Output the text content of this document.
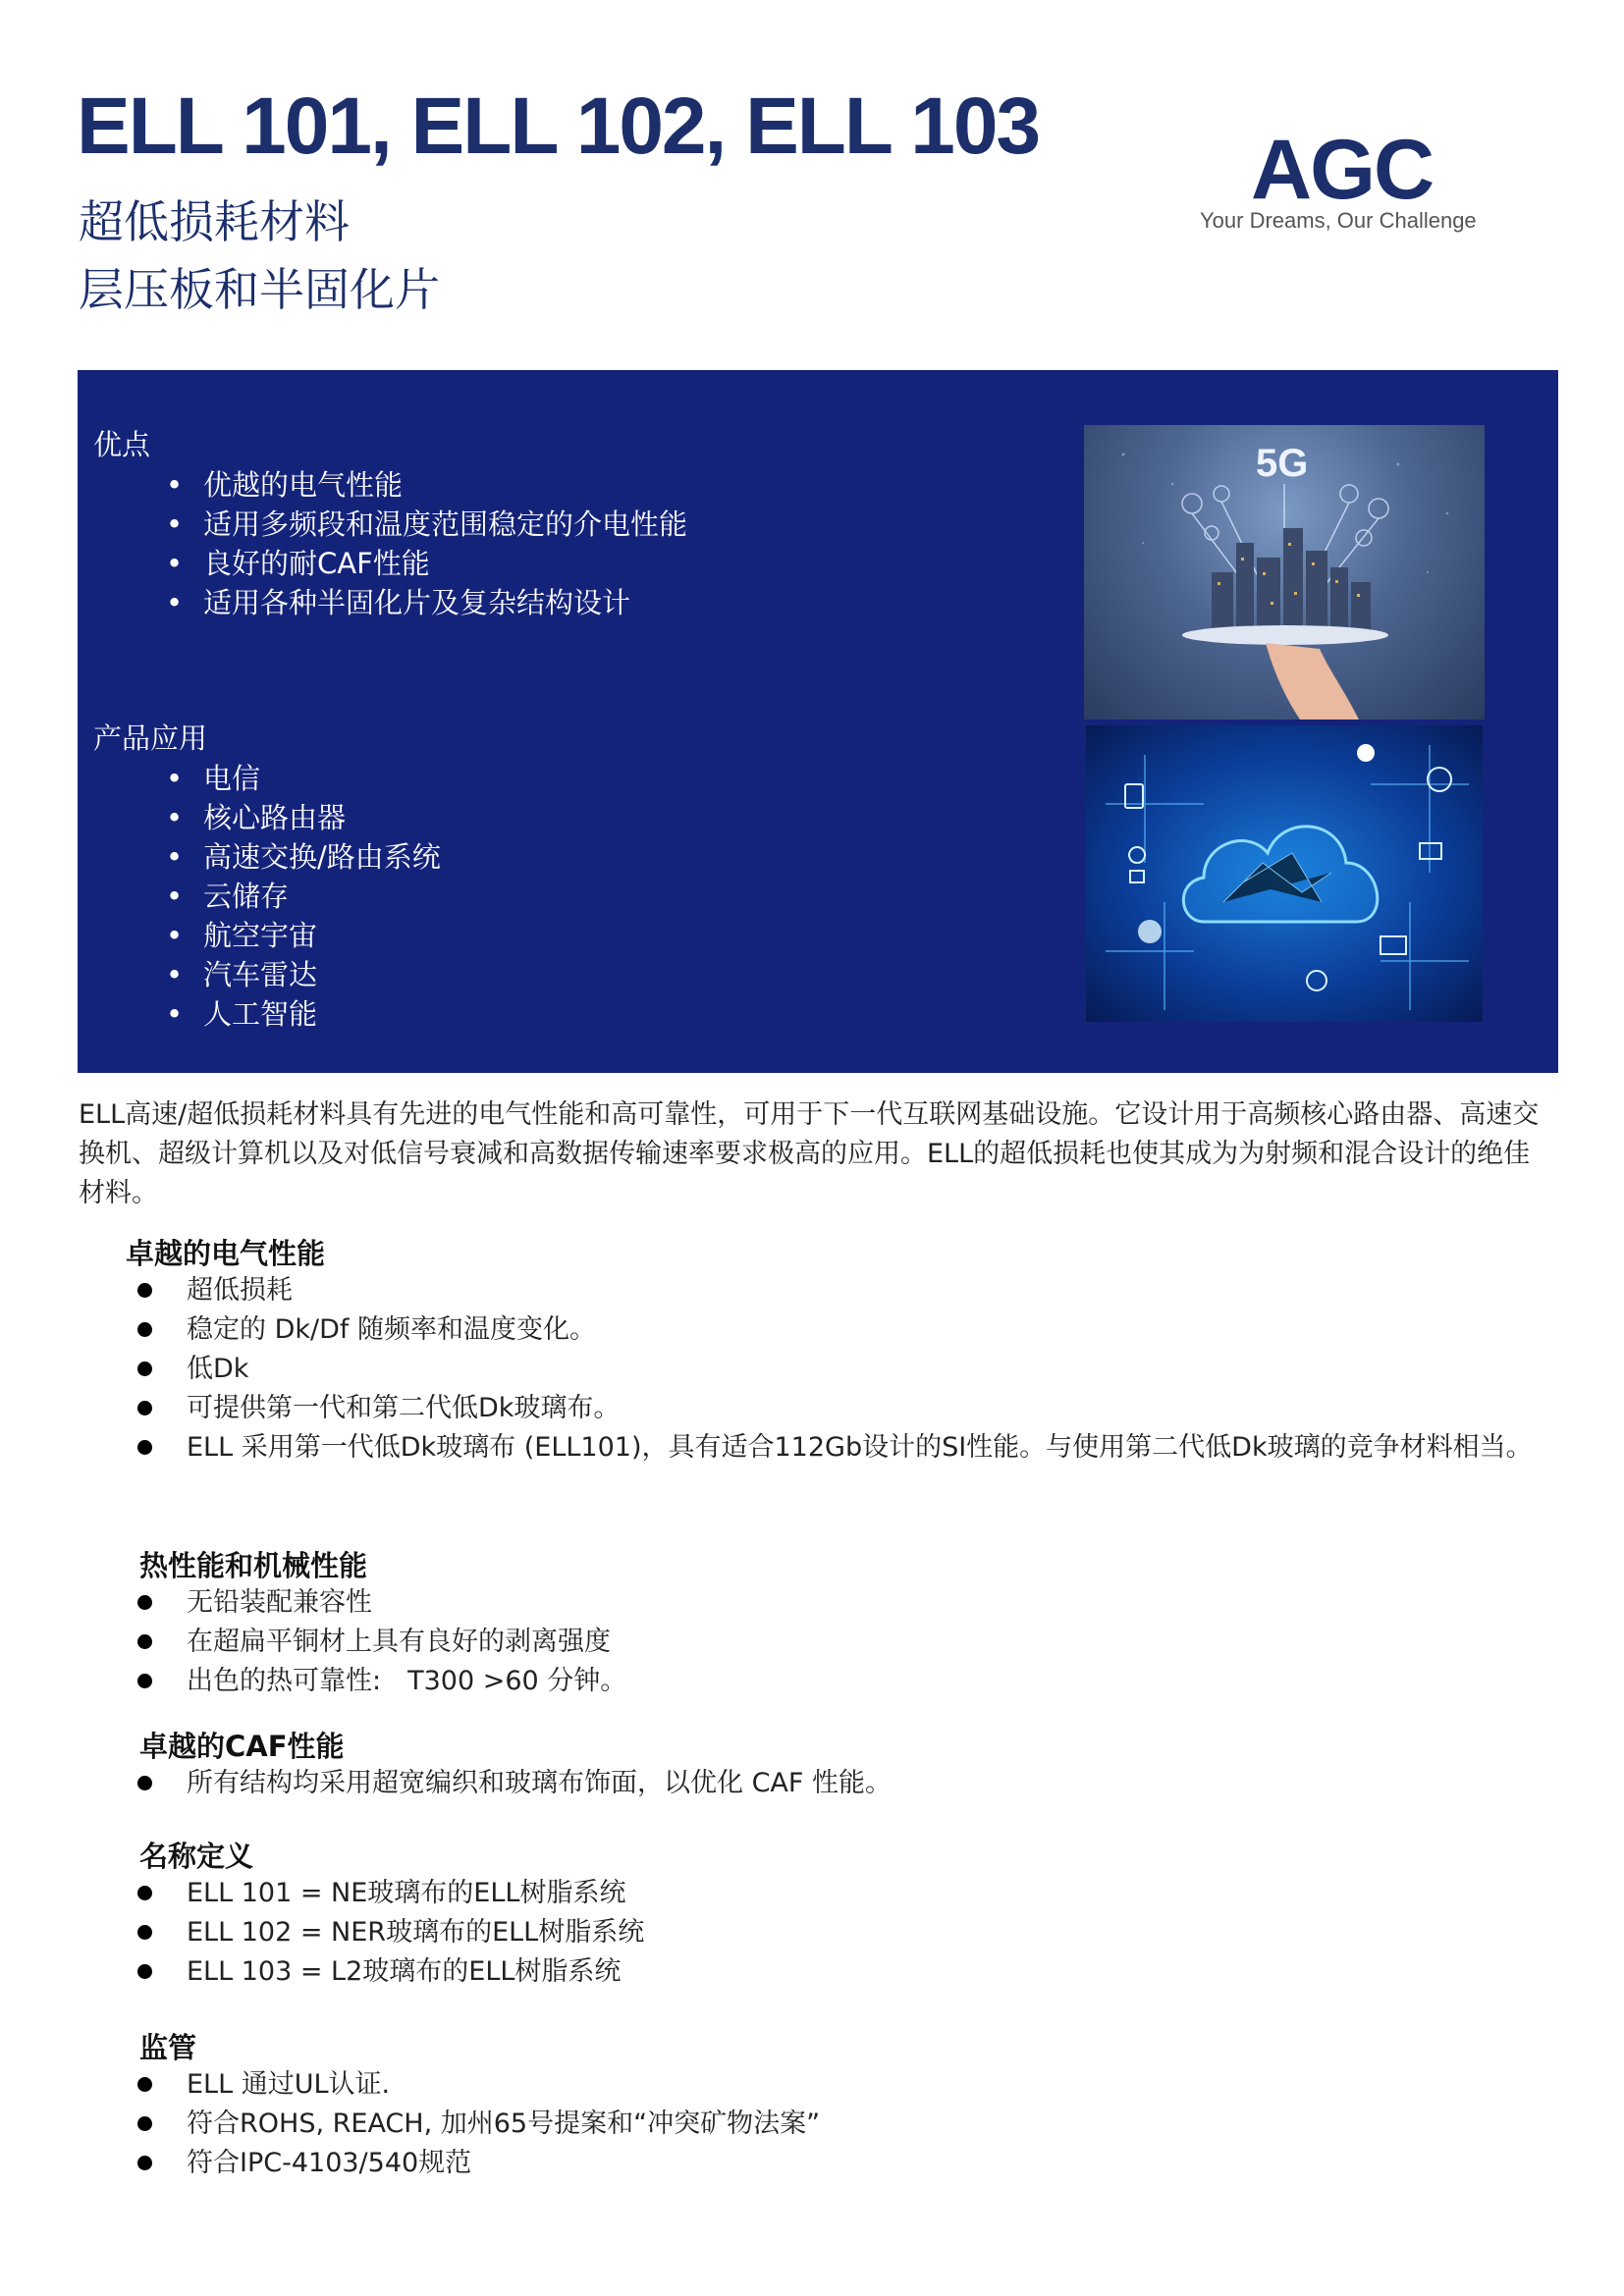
ELL 101, ELL 102, ELL 103
超低损耗材料
层压板和半固化片
AGC
Your Dreams, Our Challenge
优点
• 优越的电气性能
• 适用多频段和温度范围稳定的介电性能
• 良好的耐CAF性能
• 适用各种半固化片及复杂结构设计
产品应用
• 电信
• 核心路由器
• 高速交换/路由系统
• 云储存
• 航空宇宙
• 汽车雷达
• 人工智能
5G
ELL高速/超低损耗材料具有先进的电气性能和高可靠性，可用于下一代互联网基础设施。它设计用于高频核心路由器、高速交换机、超级计算机以及对低信号衰减和高数据传输速率要求极高的应用。ELL的超低损耗也使其成为为射频和混合设计的绝佳材料。
卓越的电气性能
超低损耗
稳定的 Dk/Df 随频率和温度变化。
低Dk
可提供第一代和第二代低Dk玻璃布。
ELL 采用第一代低Dk玻璃布 (ELL101)，具有适合112Gb设计的SI性能。与使用第二代低Dk玻璃的竞争材料相当。
热性能和机械性能
无铅装配兼容性
在超扁平铜材上具有良好的剥离强度
出色的热可靠性:　T300 >60 分钟。
卓越的CAF性能
所有结构均采用超宽编织和玻璃布饰面，以优化 CAF 性能。
名称定义
ELL 101 = NE玻璃布的ELL树脂系统
ELL 102 = NER玻璃布的ELL树脂系统
ELL 103 = L2玻璃布的ELL树脂系统
监管
ELL 通过UL认证.
符合ROHS, REACH, 加州65号提案和“冲突矿物法案”
符合IPC-4103/540规范
